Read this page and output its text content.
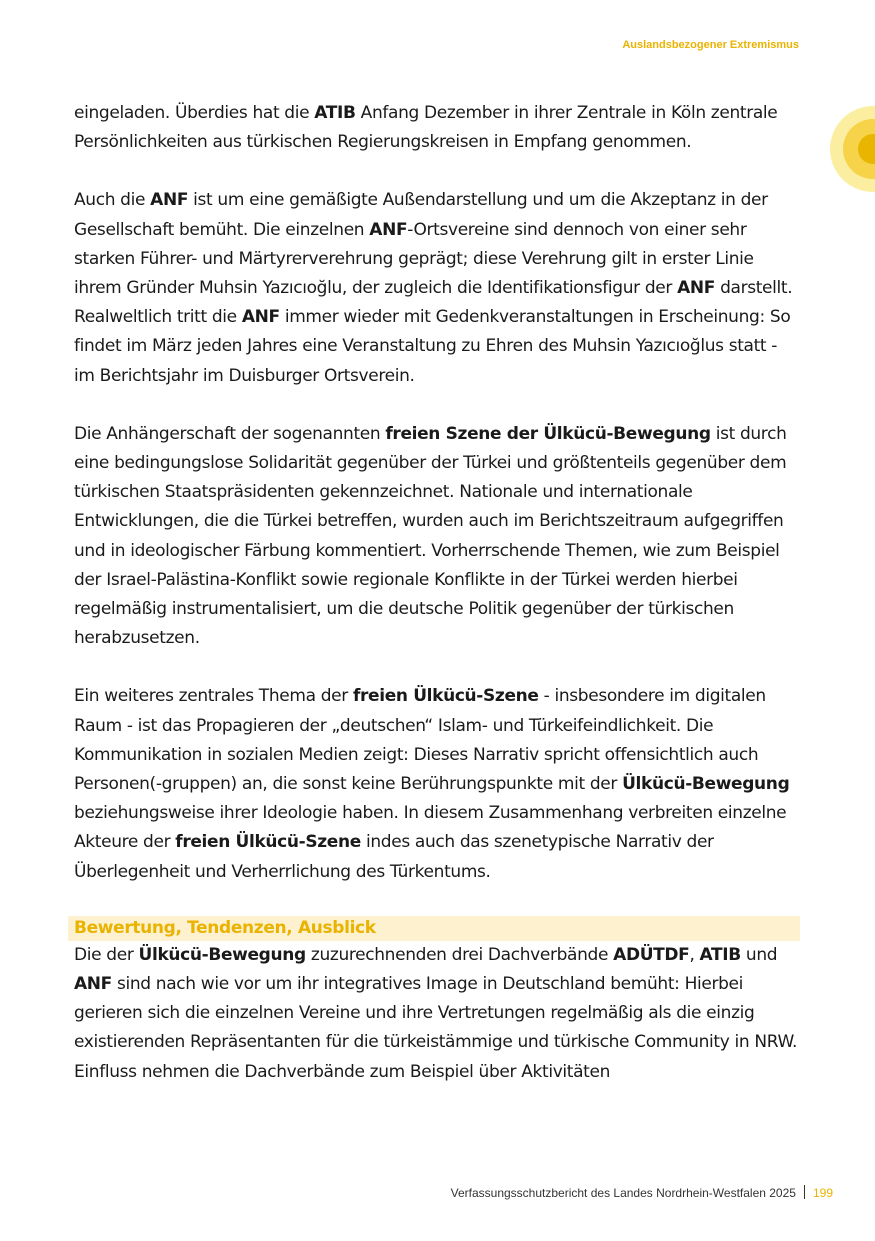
Auslandsbezogener Extremismus

eingeladen. Überdies hat die ATIB Anfang Dezember in ihrer Zentrale in Köln zentrale Persönlichkeiten aus türkischen Regierungskreisen in Empfang genommen.

Auch die ANF ist um eine gemäßigte Außendarstellung und um die Akzeptanz in der Gesellschaft bemüht. Die einzelnen ANF-Ortsvereine sind dennoch von einer sehr starken Führer- und Märtyrerverehrung geprägt; diese Verehrung gilt in erster Linie ihrem Gründer Muhsin Yazıcıoğlu, der zugleich die Identifikationsfigur der ANF darstellt. Realweltlich tritt die ANF immer wieder mit Gedenkveranstaltungen in Erscheinung: So findet im März jeden Jahres eine Veranstaltung zu Ehren des Muhsin Yazıcıoğlus statt - im Berichtsjahr im Duisburger Ortsverein.

Die Anhängerschaft der sogenannten freien Szene der Ülkücü-Bewegung ist durch eine bedingungslose Solidarität gegenüber der Türkei und größtenteils gegenüber dem türkischen Staatspräsidenten gekennzeichnet. Nationale und internationale Entwicklungen, die die Türkei betreffen, wurden auch im Berichtszeitraum aufgegriffen und in ideologischer Färbung kommentiert. Vorherrschende Themen, wie zum Beispiel der Israel-Palästina-Konflikt sowie regionale Konflikte in der Türkei werden hierbei regelmäßig instrumentalisiert, um die deutsche Politik gegenüber der türkischen herabzusetzen.

Ein weiteres zentrales Thema der freien Ülkücü-Szene - insbesondere im digitalen Raum - ist das Propagieren der „deutschen“ Islam- und Türkeifeindlichkeit. Die Kommunikation in sozialen Medien zeigt: Dieses Narrativ spricht offensichtlich auch Personen(-gruppen) an, die sonst keine Berührungspunkte mit der Ülkücü-Bewegung beziehungsweise ihrer Ideologie haben. In diesem Zusammenhang verbreiten einzelne Akteure der freien Ülkücü-Szene indes auch das szenetypische Narrativ der Überlegenheit und Verherrlichung des Türkentums.

Bewertung, Tendenzen, Ausblick

Die der Ülkücü-Bewegung zuzurechnenden drei Dachverbände ADÜTDF, ATIB und ANF sind nach wie vor um ihr integratives Image in Deutschland bemüht: Hierbei gerieren sich die einzelnen Vereine und ihre Vertretungen regelmäßig als die einzig existierenden Repräsentanten für die türkeistämmige und türkische Community in NRW. Einfluss nehmen die Dachverbände zum Beispiel über Aktivitäten

Verfassungsschutzbericht des Landes Nordrhein-Westfalen 2025 199
